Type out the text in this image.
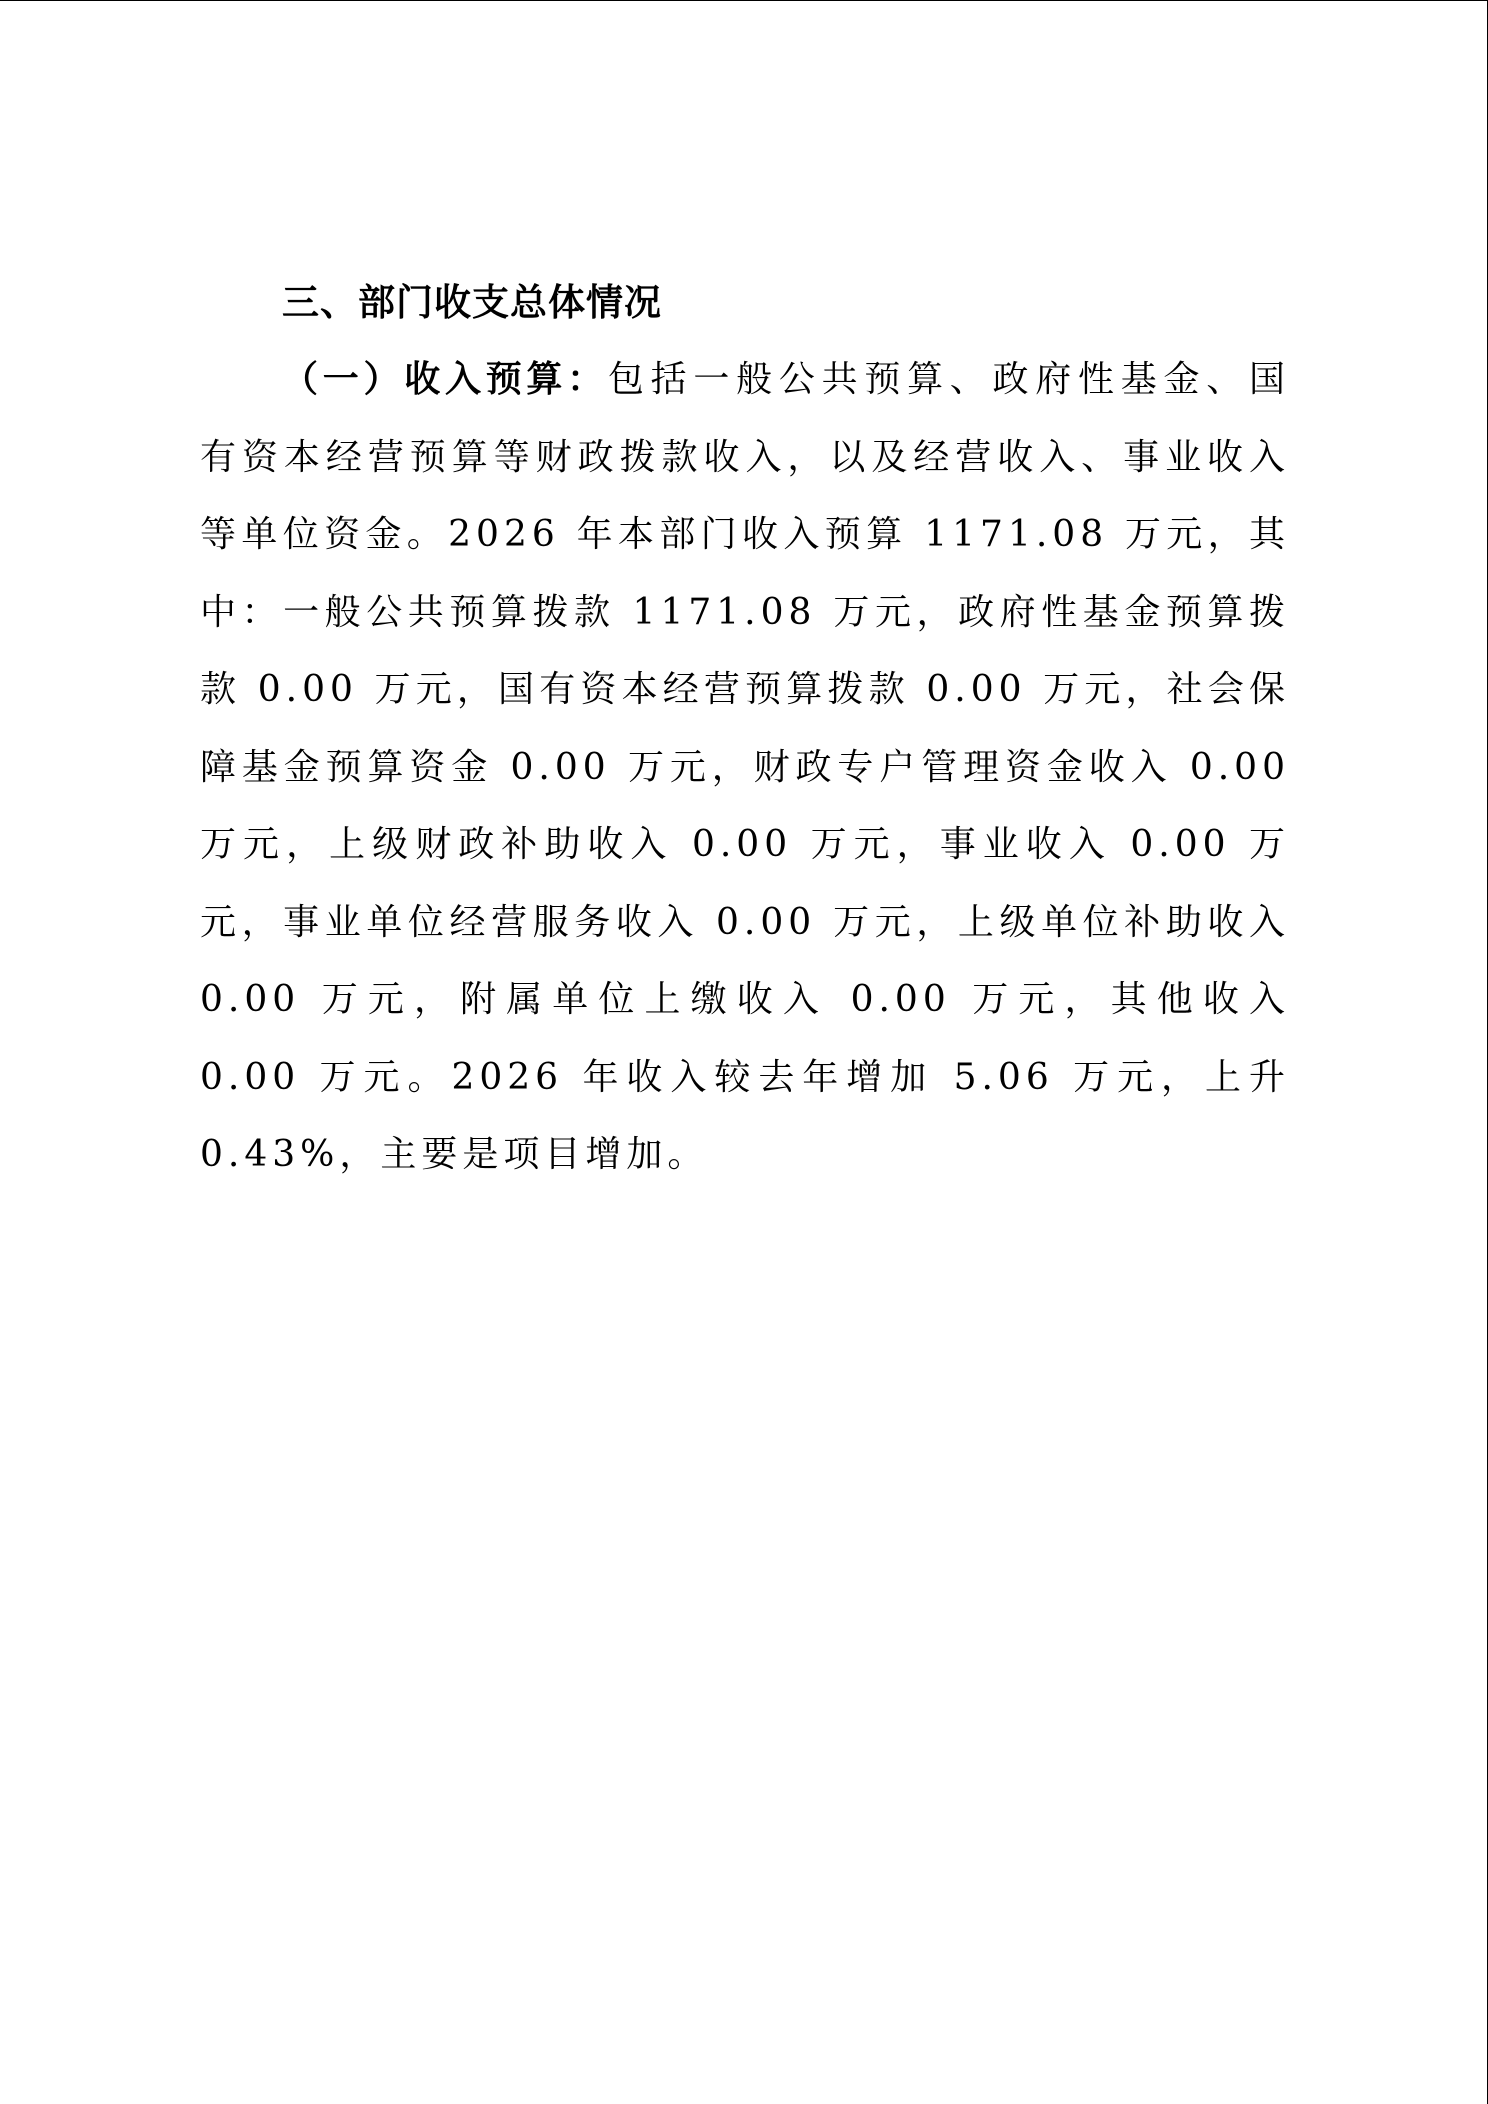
三、部门收支总体情况

（一）收入预算：包括一般公共预算、政府性基金、国有资本经营预算等财政拨款收入，以及经营收入、事业收入等单位资金。2026 年本部门收入预算 1171.08 万元，其中：一般公共预算拨款 1171.08 万元，政府性基金预算拨款 0.00 万元，国有资本经营预算拨款 0.00 万元，社会保障基金预算资金 0.00 万元，财政专户管理资金收入 0.00 万元，上级财政补助收入 0.00 万元，事业收入 0.00 万元，事业单位经营服务收入 0.00 万元，上级单位补助收入 0.00 万元，附属单位上缴收入 0.00 万元，其他收入 0.00 万元。2026 年收入较去年增加 5.06 万元，上升 0.43%，主要是项目增加。
